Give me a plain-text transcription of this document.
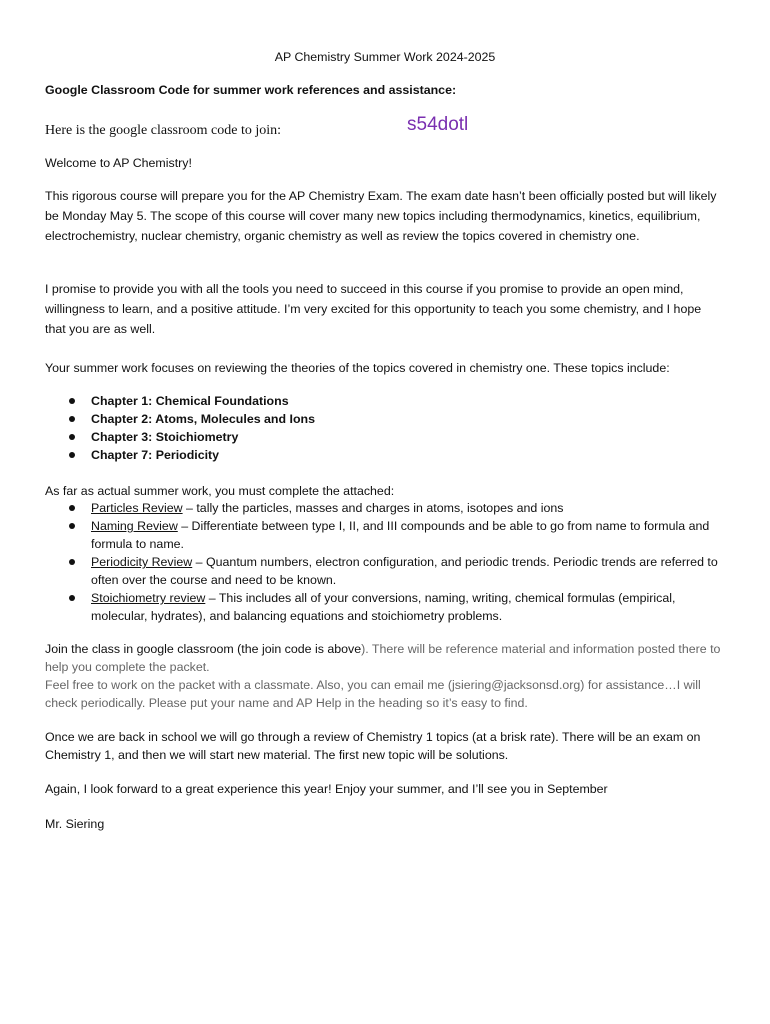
AP Chemistry Summer Work 2024-2025
Google Classroom Code for summer work references and assistance:
Here is the google classroom code to join:	s54dotl

Welcome to AP Chemistry!

This rigorous course will prepare you for the AP Chemistry Exam. The exam date hasn’t been officially posted but will likely be Monday May 5. The scope of this course will cover many new topics including thermodynamics, kinetics, equilibrium, electrochemistry, nuclear chemistry, organic chemistry as well as review the topics covered in chemistry one.

I promise to provide you with all the tools you need to succeed in this course if you promise to provide an open mind, willingness to learn, and a positive attitude. I’m very excited for this opportunity to teach you some chemistry, and I hope that you are as well.

Your summer work focuses on reviewing the theories of the topics covered in chemistry one. These topics include:

Chapter 1: Chemical Foundations
Chapter 2: Atoms, Molecules and Ions
Chapter 3: Stoichiometry
Chapter 7: Periodicity

As far as actual summer work, you must complete the attached:

Particles Review – tally the particles, masses and charges in atoms, isotopes and ions
Naming Review – Differentiate between type I, II, and III compounds and be able to go from name to formula and formula to name.
Periodicity Review – Quantum numbers, electron configuration, and periodic trends. Periodic trends are referred to often over the course and need to be known.
Stoichiometry review – This includes all of your conversions, naming, writing, chemical formulas (empirical, molecular, hydrates), and balancing equations and stoichiometry problems.

Join the class in google classroom (the join code is above). There will be reference material and information posted there to help you complete the packet.
Feel free to work on the packet with a classmate. Also, you can email me (jsiering@jacksonsd.org) for assistance…I will check periodically. Please put your name and AP Help in the heading so it’s easy to find.

Once we are back in school we will go through a review of Chemistry 1 topics (at a brisk rate). There will be an exam on Chemistry 1, and then we will start new material. The first new topic will be solutions.

Again, I look forward to a great experience this year! Enjoy your summer, and I’ll see you in September

Mr. Siering
